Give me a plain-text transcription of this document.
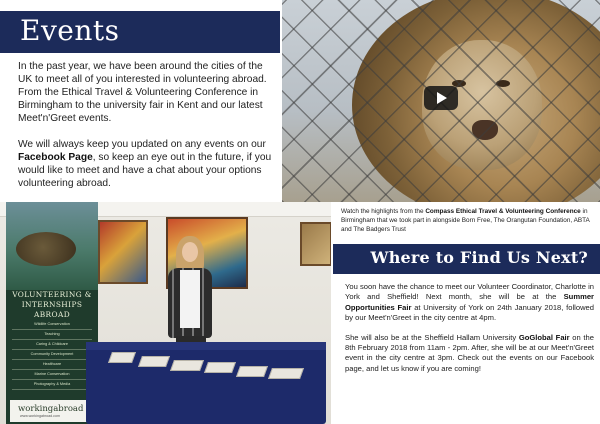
Events

In the past year, we have been around the cities of the UK to meet all of you interested in volunteering abroad. From the Ethical Travel & Volunteering Conference in Birmingham to the university fair in Kent and our latest Meet'n'Greet events.

We will always keep you updated on any events on our Facebook Page, so keep an eye out in the future, if you would like to meet and have a chat about your options volunteering abroad.

Watch the highlights from the Compass Ethical Travel & Volunteering Conference in Birmingham that we took part in alongside Born Free, The Orangutan Foundation, ABTA and The Badgers Trust
VOLUNTEERING & INTERNSHIPS ABROAD
Wildlife Conservation
Teaching
Caring & Childcare
Community Development
Healthcare
Marine Conservation
Photography & Media
workingabroad
www.workingabroad.com
Where to Find Us Next?

You soon have the chance to meet our Volunteer Coordinator, Charlotte in York and Sheffield! Next month, she will be at the Summer Opportunities Fair at University of York on 24th January 2018, followed by our Meet'n'Greet in the city centre at 4pm.

She will also be at the Sheffield Hallam University GoGlobal Fair on the 8th February 2018 from 11am - 2pm. After, she will be at our Meet'n'Greet event in the city centre at 3pm. Check out the events on our Facebook page, and let us know if you are coming!
